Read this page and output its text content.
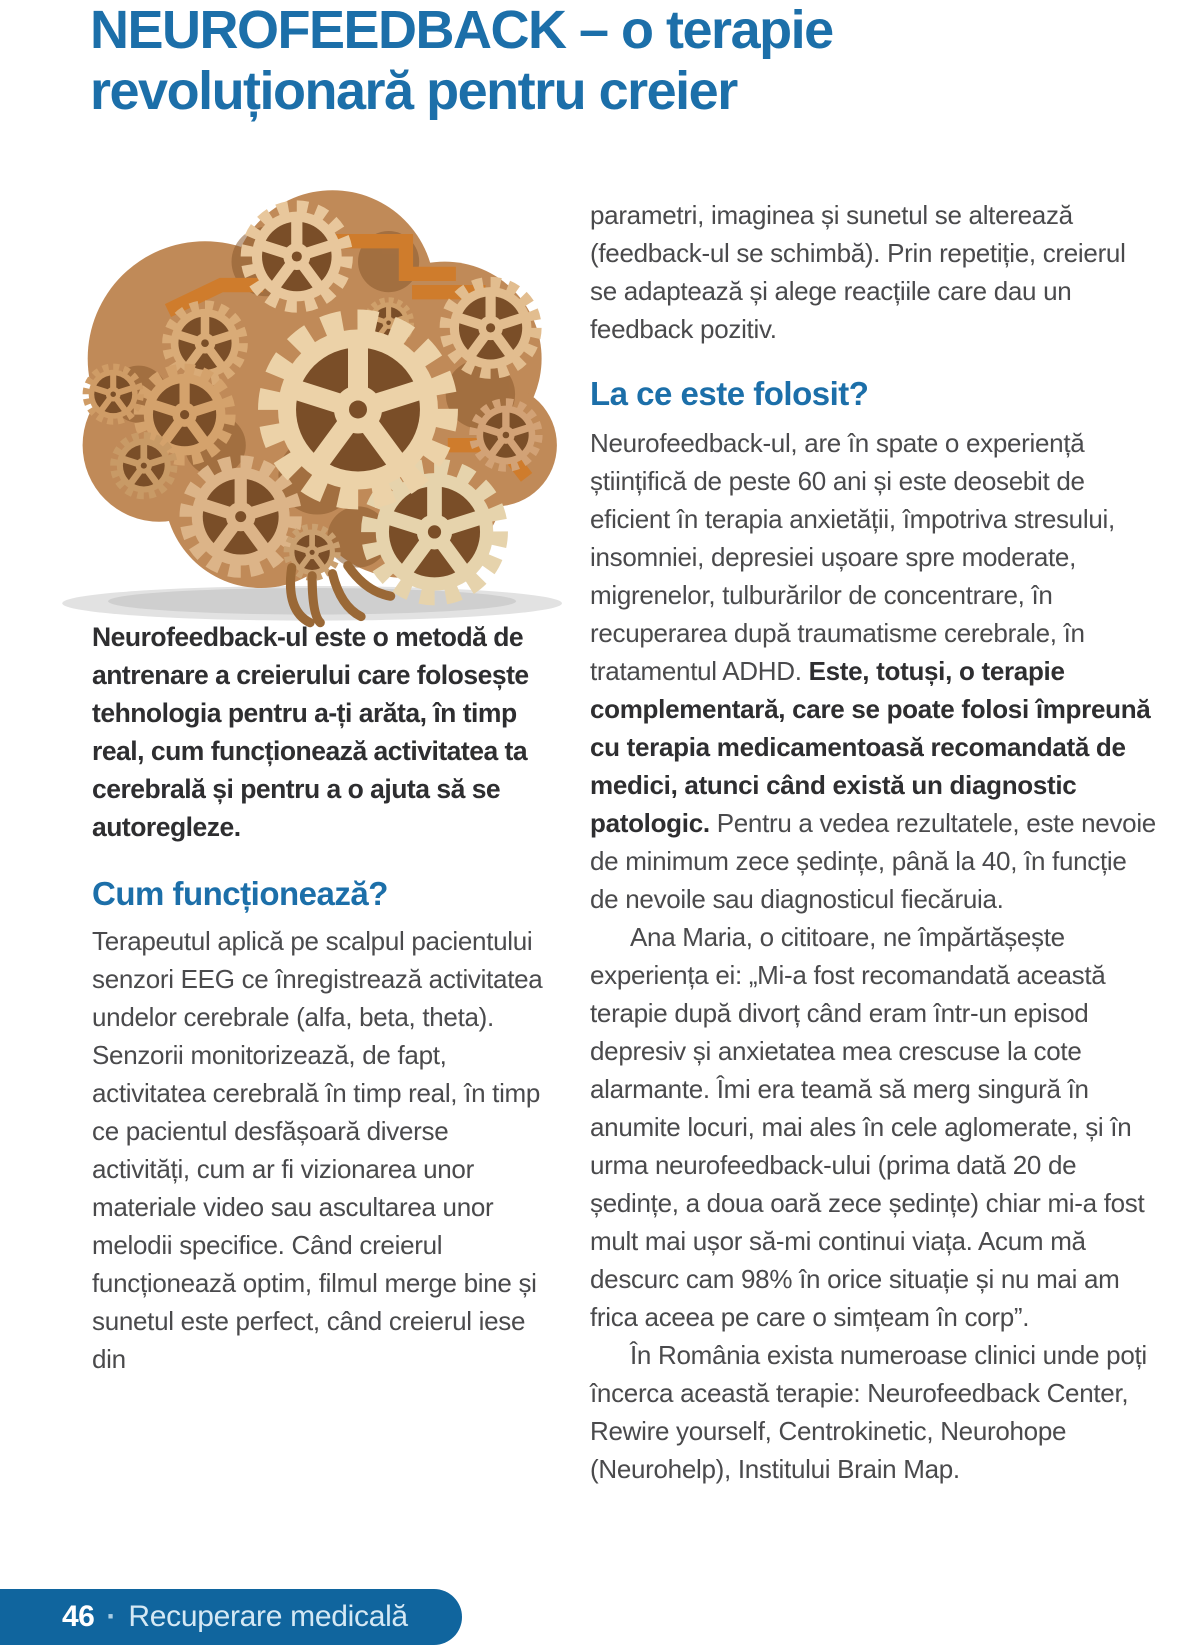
NEUROFEEDBACK – o terapie
revoluționară pentru creier

parametri, imaginea și sunetul se alterează (feedback-ul se schimbă). Prin repetiție, creierul se adaptează și alege reacțiile care dau un feedback pozitiv.

La ce este folosit?

Neurofeedback-ul, are în spate o experiență științifică de peste 60 ani și este deosebit de eficient în terapia anxietății, împotriva stresului, insomniei, depresiei ușoare spre moderate, migrenelor, tulburărilor de concentrare, în recuperarea după traumatisme cerebrale, în tratamentul ADHD. Este, totuși, o terapie complementară, care se poate folosi împreună cu terapia medicamentoasă recomandată de medici, atunci când există un diagnostic patologic. Pentru a vedea rezultatele, este nevoie de minimum zece ședințe, până la 40, în funcție de nevoile sau diagnosticul fiecăruia.

Ana Maria, o cititoare, ne împărtășește experiența ei: „Mi-a fost recomandată această terapie după divorț când eram într-un episod depresiv și anxietatea mea crescuse la cote alarmante. Îmi era teamă să merg singură în anumite locuri, mai ales în cele aglomerate, și în urma neurofeedback-ului (prima dată 20 de ședințe, a doua oară zece ședințe) chiar mi-a fost mult mai ușor să-mi continui viața. Acum mă descurc cam 98% în orice situație și nu mai am frica aceea pe care o simțeam în corp”.

În România exista numeroase clinici unde poți încerca această terapie: Neurofeedback Center, Rewire yourself, Centrokinetic, Neurohope (Neurohelp), Institului Brain Map.

Neurofeedback-ul este o metodă de antrenare a creierului care folosește tehnologia pentru a-ți arăta, în timp real, cum funcționează activitatea ta cerebrală și pentru a o ajuta să se autoregleze.

Cum funcționează?

Terapeutul aplică pe scalpul pacientului senzori EEG ce înregistrează activitatea undelor cerebrale (alfa, beta, theta). Senzorii monitorizează, de fapt, activitatea cerebrală în timp real, în timp ce pacientul desfășoară diverse activități, cum ar fi vizionarea unor materiale video sau ascultarea unor melodii specifice. Când creierul funcționează optim, filmul merge bine și sunetul este perfect, când creierul iese din

46 · Recuperare medicală
